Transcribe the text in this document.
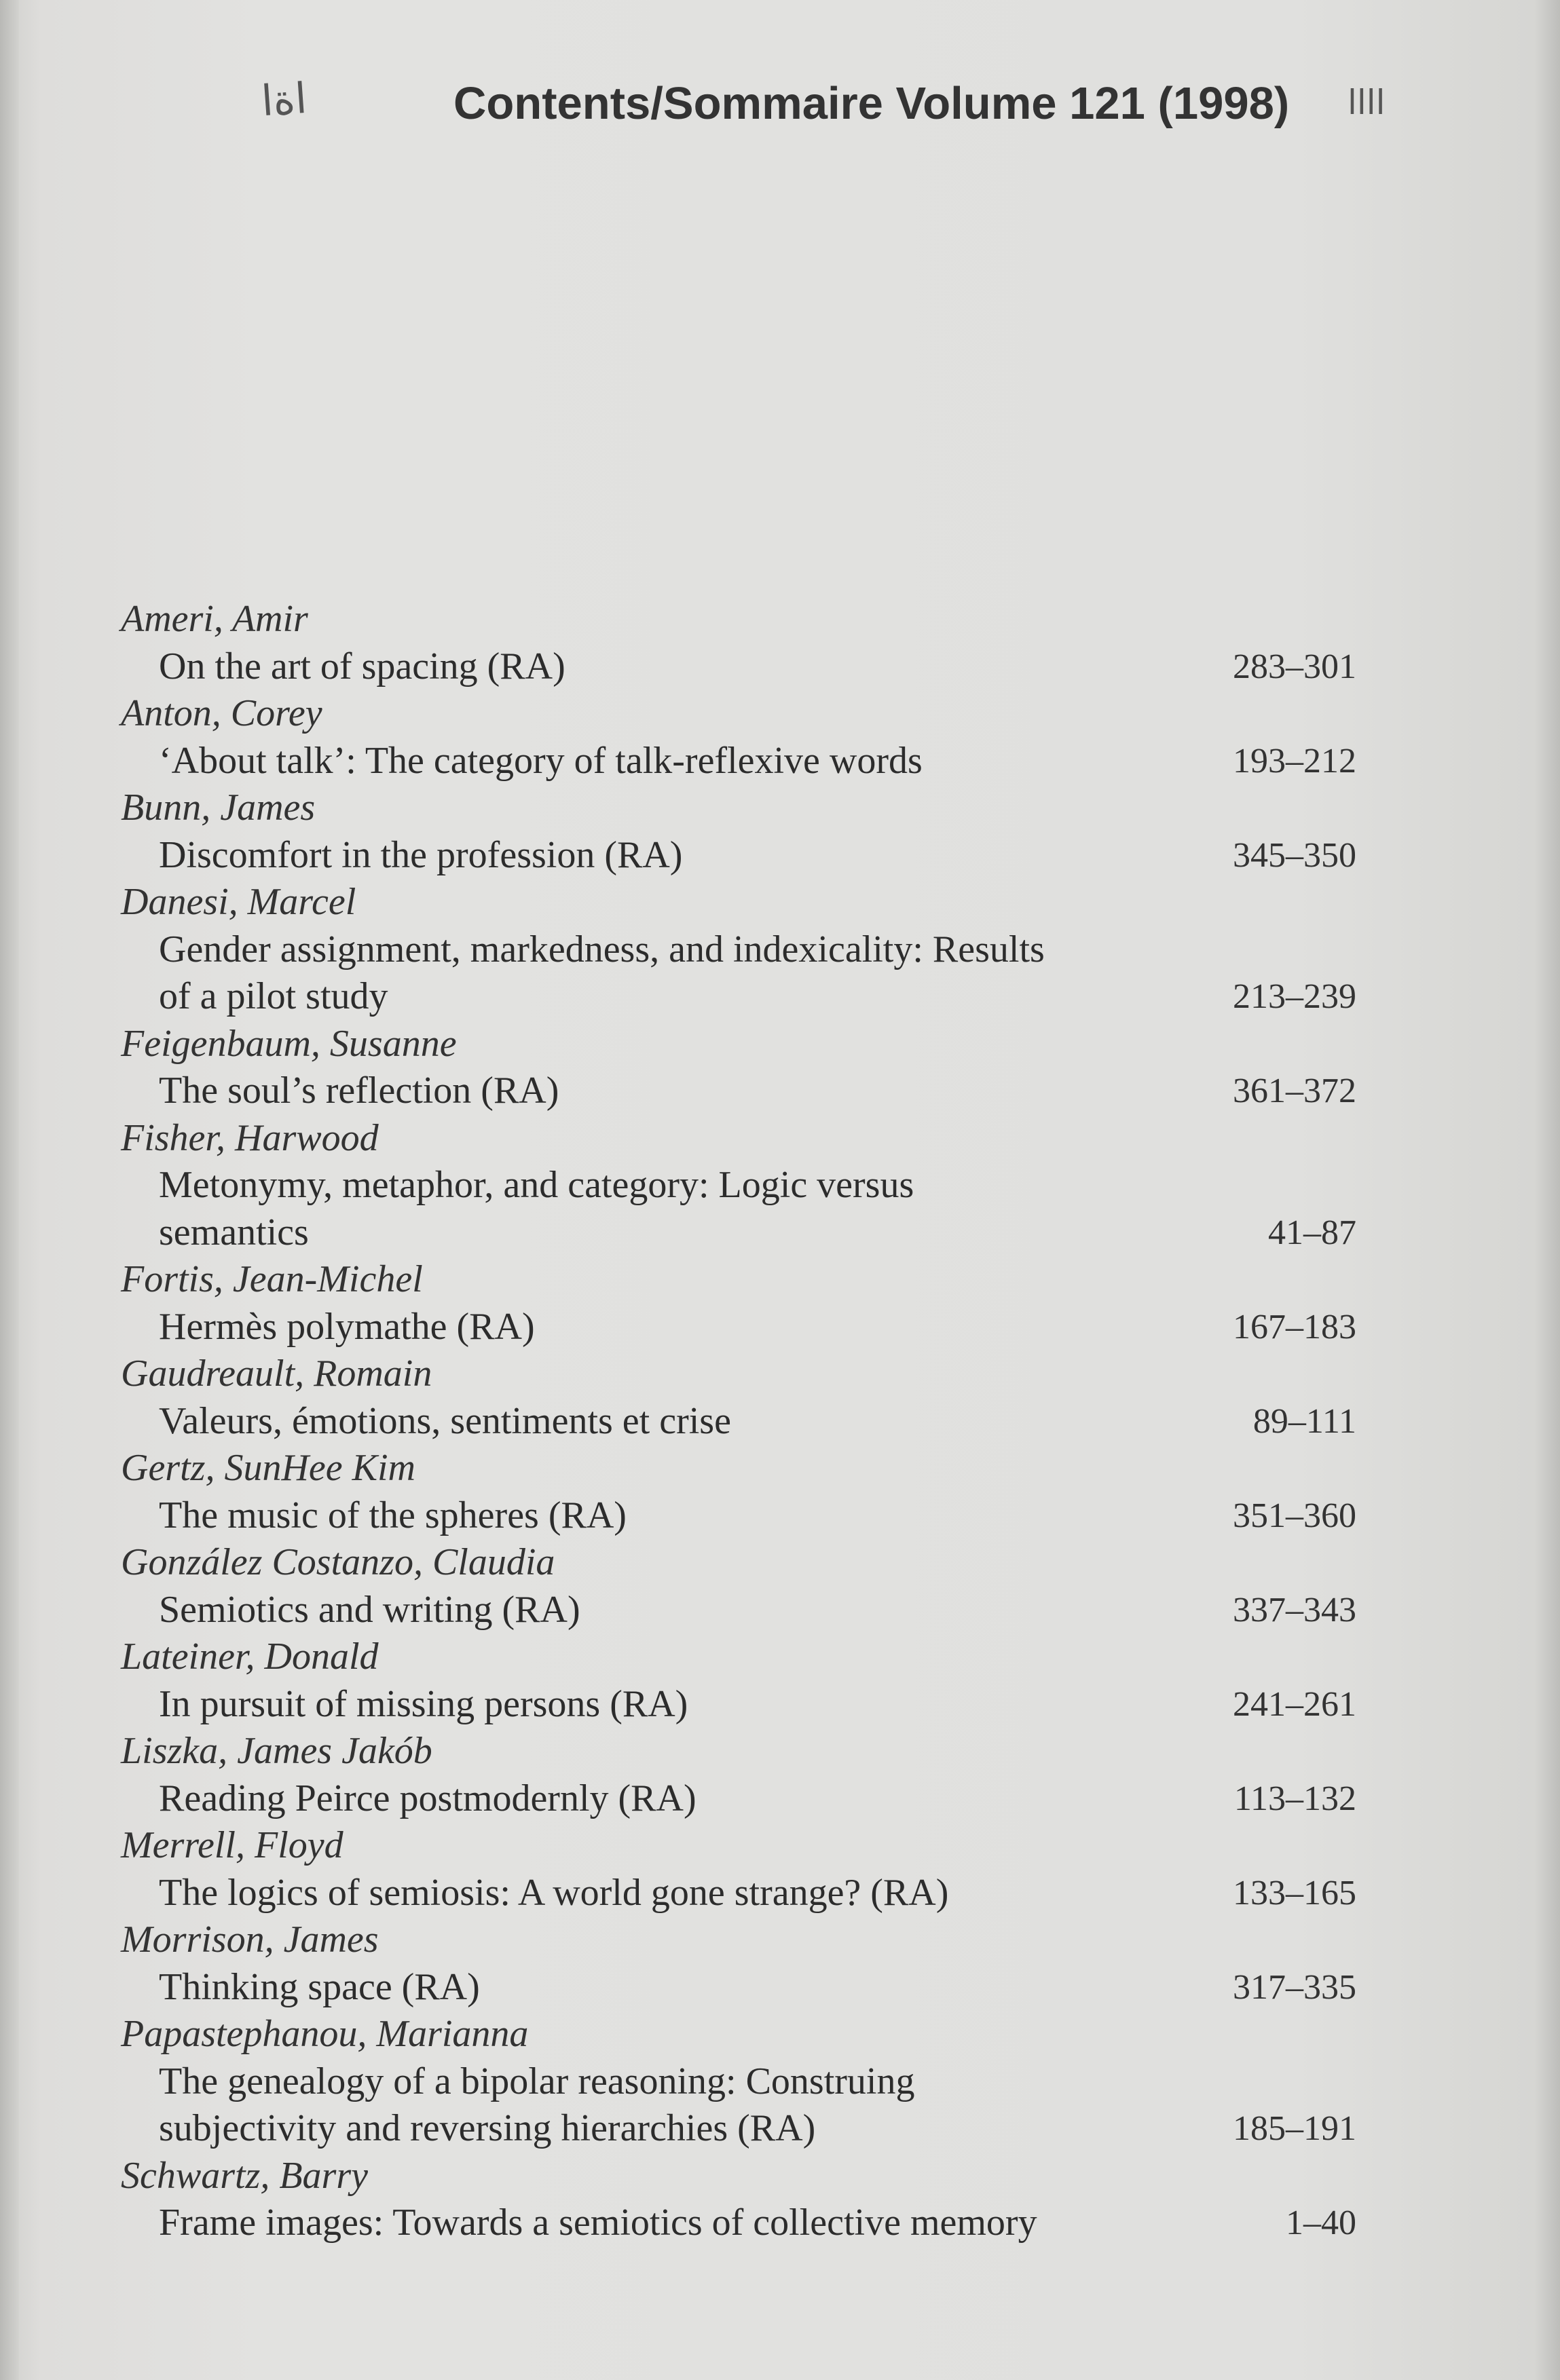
ﺍﺓﺍ	Contents/Sommaire Volume 121 (1998) ﺍﺍﺍﺍ
Ameri, Amir
On the art of spacing (RA)	283–301
Anton, Corey
‘About talk’: The category of talk-reflexive words	193–212
Bunn, James
Discomfort in the profession (RA)	345–350
Danesi, Marcel
Gender assignment, markedness, and indexicality: Results
of a pilot study	213–239
Feigenbaum, Susanne
The soul’s reflection (RA)	361–372
Fisher, Harwood
Metonymy, metaphor, and category: Logic versus
semantics	41–87
Fortis, Jean-Michel
Hermès polymathe (RA)	167–183
Gaudreault, Romain
Valeurs, émotions, sentiments et crise	89–111
Gertz, SunHee Kim
The music of the spheres (RA)	351–360
González Costanzo, Claudia
Semiotics and writing (RA)	337–343
Lateiner, Donald
In pursuit of missing persons (RA)	241–261
Liszka, James Jakób
Reading Peirce postmodernly (RA)	113–132
Merrell, Floyd
The logics of semiosis: A world gone strange? (RA)	133–165
Morrison, James
Thinking space (RA)	317–335
Papastephanou, Marianna
The genealogy of a bipolar reasoning: Construing
subjectivity and reversing hierarchies (RA)	185–191
Schwartz, Barry
Frame images: Towards a semiotics of collective memory	1–40
